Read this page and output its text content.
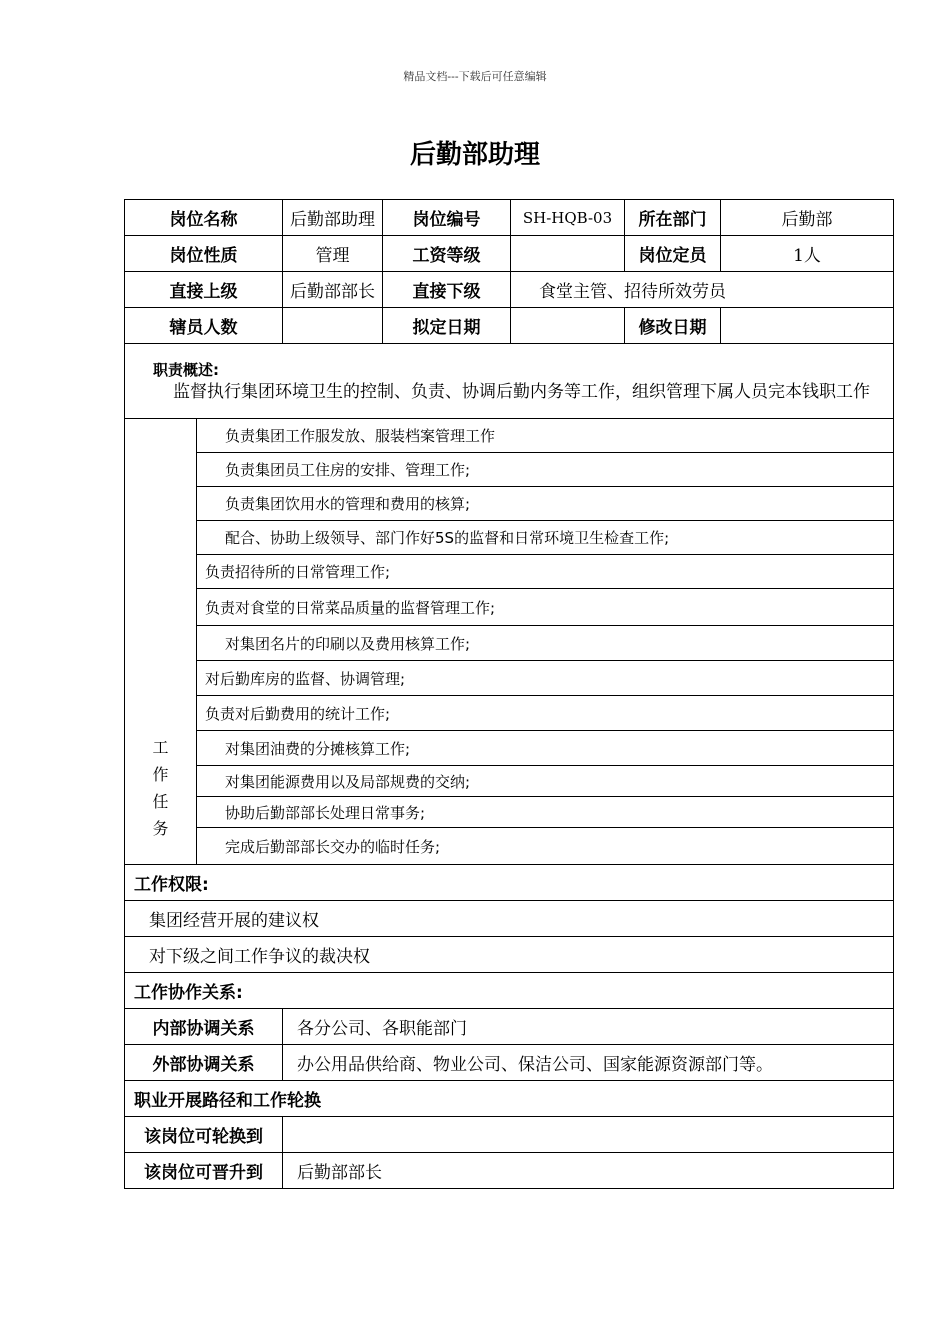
精品文档---下载后可任意编辑
后勤部助理
岗位名称		后勤部助理	岗位编号	SH-HQB-03	所在部门	后勤部
岗位性质		管理	工资等级		岗位定员	1人
直接上级		后勤部部长	直接下级	食堂主管、招待所效劳员		
辖员人数			拟定日期		修改日期	

职责概述:
监督执行集团环境卫生的控制、负责、协调后勤内务等工作，组织管理下属人员完本钱职工作						

工
作
任
务	负责集团工作服发放、服装档案管理工作					
	负责集团员工住房的安排、管理工作;					
	负责集团饮用水的管理和费用的核算;					
	配合、协助上级领导、部门作好5S的监督和日常环境卫生检查工作;					
	负责招待所的日常管理工作;					
	负责对食堂的日常菜品质量的监督管理工作;					
	对集团名片的印刷以及费用核算工作;					
	对后勤库房的监督、协调管理;					
	负责对后勤费用的统计工作;					
	对集团油费的分摊核算工作;					
	对集团能源费用以及局部规费的交纳;					
	协助后勤部部长处理日常事务;					
	完成后勤部部长交办的临时任务;					
工作权限:						
集团经营开展的建议权						
对下级之间工作争议的裁决权						
工作协作关系:						
内部协调关系		各分公司、各职能部门				
外部协调关系		办公用品供给商、物业公司、保洁公司、国家能源资源部门等。				
职业开展路径和工作轮换						
该岗位可轮换到						
该岗位可晋升到		后勤部部长				
